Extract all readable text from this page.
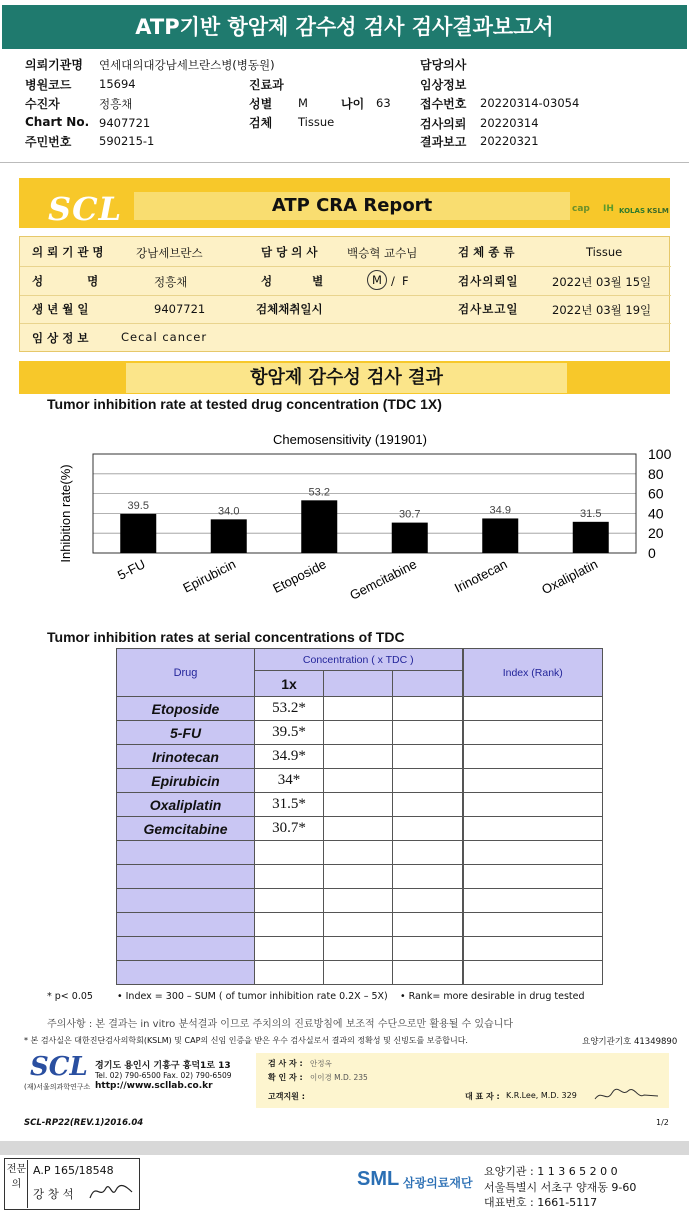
ATP기반 항암제 감수성 검사 검사결과보고서
의뢰기관명 연세대의대강남세브란스병(병동원)	담당의사
병원코드 15694	진료과	임상정보
수진자	정흥채	성별 M	나이 63 접수번호 20220314-03054
Chart No. 9407721	검체 Tissue	검사의뢰 20220314
주민번호 590215-1	결과보고 20220321
SCL	ATP CRA Report	cap IH KOLAS KSLM
의뢰기관명 강남세브란스	담당의사 백승혁 교수님	검체종류	Tissue
성명 정흥채	성별 M / F	검사의뢰일	2022년 03월 15일
생년월일	9407721	검체채취일시	검사보고일	2022년 03월 19일
임상정보 Cecal cancer
항암제 감수성 검사 결과
Tumor inhibition rate at tested drug concentration (TDC 1X)
Chemosensitivity (191901)
0
20
40
60
80
100
39.5
5-FU
34.0
Epirubicin
53.2
Etoposide
30.7
Gemcitabine
34.9
Irinotecan
31.5
Oxaliplatin
Inhibition rate(%)
Tumor inhibition rates at serial concentrations of TDC
Drug	Concentration ( x TDC )			Index (Rank)
	1x			
Etoposide	53.2*			
5-FU	39.5*			
Irinotecan	34.9*			
Epirubicin	34*			
Oxaliplatin	31.5*			
Gemcitabine	30.7*			

* p< 0.05	• Index = 300 – SUM ( of tumor inhibition rate 0.2X – 5X) • Rank= more desirable in drug tested
주의사항 : 본 결과는 in vitro 분석결과 이므로 주치의의 진료방침에 보조적 수단으로만 활용될 수 있습니다
* 본 검사실은 대한진단검사의학회(KSLM) 및 CAP의 신임 인증을 받은 우수 검사실로서 결과의 정확성 및 신빙도를 보증합니다.	요양기관기호 41349890
SCL
(재)서울의과학연구소
경기도 용인시 기흥구 흥덕1로 13
Tel. 02) 790-6500 Fax. 02) 790-6509
http://www.scllab.co.kr
검 사 자 : 안정옥
확 인 자 : 이이경 M.D. 235
고객지원 :	대 표 자 : K.R.Lee, M.D. 329
SCL-RP22(REV.1)2016.04	1/2
전문의
A.P 165/18548
강 창 석
SML 삼광의료재단
요양기관 : 1 1 3 6 5 2 0 0
서울특별시 서초구 양재동 9-60
대표번호 : 1661-5117
